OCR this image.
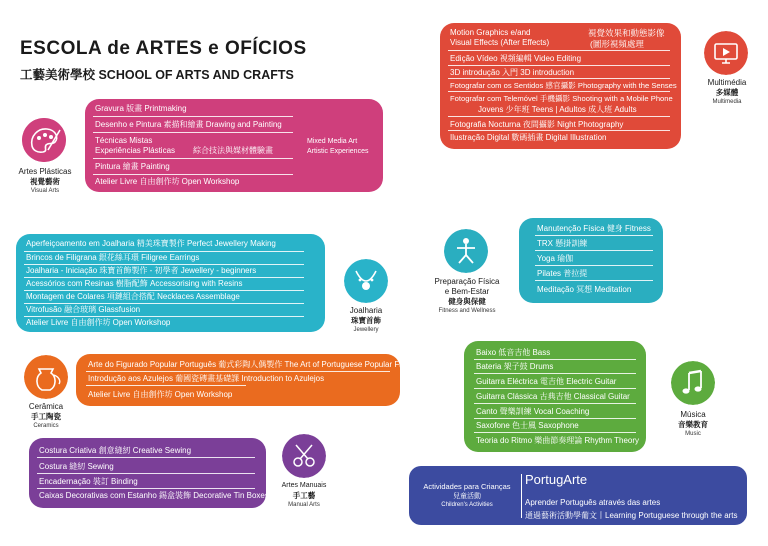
ESCOLA de ARTES e OFÍCIOS
工藝美術學校 SCHOOL OF ARTS AND CRAFTS
Artes Plásticas
視覺藝術
Visual Arts
Gravura 版畫 Printmaking
Desenho e Pintura 素描和繪畫 Drawing and Painting
Técnicas Mistas
Experiências Plásticas 綜合技法與媒材體驗畫
Mixed Media Art
Artistic Experiences
Pintura 繪畫 Painting
Atelier Livre 自由創作坊 Open Workshop
Aperfeiçoamento em Joalharia 精美珠寶製作 Perfect Jewellery Making
Brincos de Filigrana 銀花絲耳環 Filigree Earrings
Joalharia - Iniciação 珠寶首飾製作 - 初學者 Jewellery - beginners
Acessórios com Resinas 樹脂配飾 Accessorising with Resins
Montagem de Colares 項鏈組合搭配 Necklaces Assemblage
Vitrofusão 融合玻璃 Glassfusion
Atelier Livre 自由創作坊 Open Workshop
Joalharia
珠寶首飾
Jewellery
Cerâmica
手工陶瓷
Ceramics
Arte do Figurado Popular Português 葡式彩陶人偶製作 The Art of Portuguese Popular Figures
Introdução aos Azulejos 葡國瓷磚畫基礎課 Introduction to Azulejos
Atelier Livre 自由創作坊 Open Workshop
Costura Criativa 創意縫紉 Creative Sewing
Costura 縫紉 Sewing
Encadernação 裝訂 Binding
Caixas Decorativas com Estanho 錫盒裝飾 Decorative Tin Boxes
Artes Manuais
手工藝
Manual Arts
Motion Graphics e/and
Visual Effects (After Effects)
視覺效果和動態影像
(圖形視頻處理
Edição Vídeo 視頻編輯 Video Editing
3D introdução 入門 3D introduction
Fotografar com os Sentidos 感官攝影 Photography with the Senses
Fotografar com Telemóvel 手機攝影 Shooting with a Mobile Phone
Jovens 少年班 Teens | Adultos 成人班 Adults
Fotografia Nocturna 夜間攝影 Night Photography
Ilustração Digital 數碼插畫 Digital Illustration
Multimédia
多媒體
Multimedia
Preparação Física
e Bem-Estar
健身與保健
Fitness and Wellness
Manutenção Física 健身 Fitness
TRX 懸掛訓練
Yoga 瑜伽
Pilates 普拉提
Meditação 冥想 Meditation
Baixo 低音吉他 Bass
Bateria 架子鼓 Drums
Guitarra Eléctrica 電吉他 Electric Guitar
Guitarra Clássica 古典吉他 Classical Guitar
Canto 聲樂訓練 Vocal Coaching
Saxofone 色士風 Saxophone
Teoria do Ritmo 樂曲節奏理論 Rhythm Theory
Música
音樂教育
Music
Actividades para Crianças
兒童活動
Children's Activities
PortugArte
Aprender Português através das artes
通過藝術活動學葡文丨Learning Portuguese through the arts
